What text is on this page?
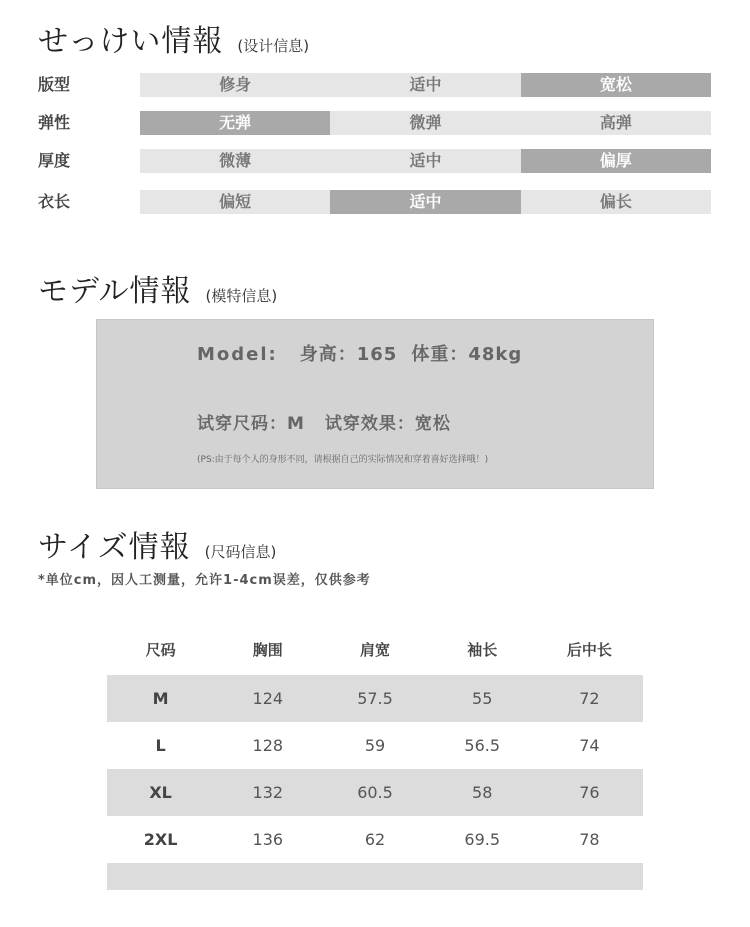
せっけい情報 (设计信息)
版型	修身	适中	宽松
弹性	无弹	微弹	高弹
厚度	微薄	适中	偏厚
衣长	偏短	适中	偏长
モデル情報 (模特信息)
Model: 身高：165 体重：48kg
试穿尺码：M 试穿效果：宽松
(PS:由于每个人的身形不同，请根据自己的实际情况和穿着喜好选择哦！)
サイズ情報 (尺码信息)
*单位cm，因人工测量，允许1-4cm误差，仅供参考
尺码	胸围	肩宽	袖长	后中长
M	124	57.5	55	72
L	128	59	56.5	74
XL	132	60.5	58	76
2XL	136	62	69.5	78
